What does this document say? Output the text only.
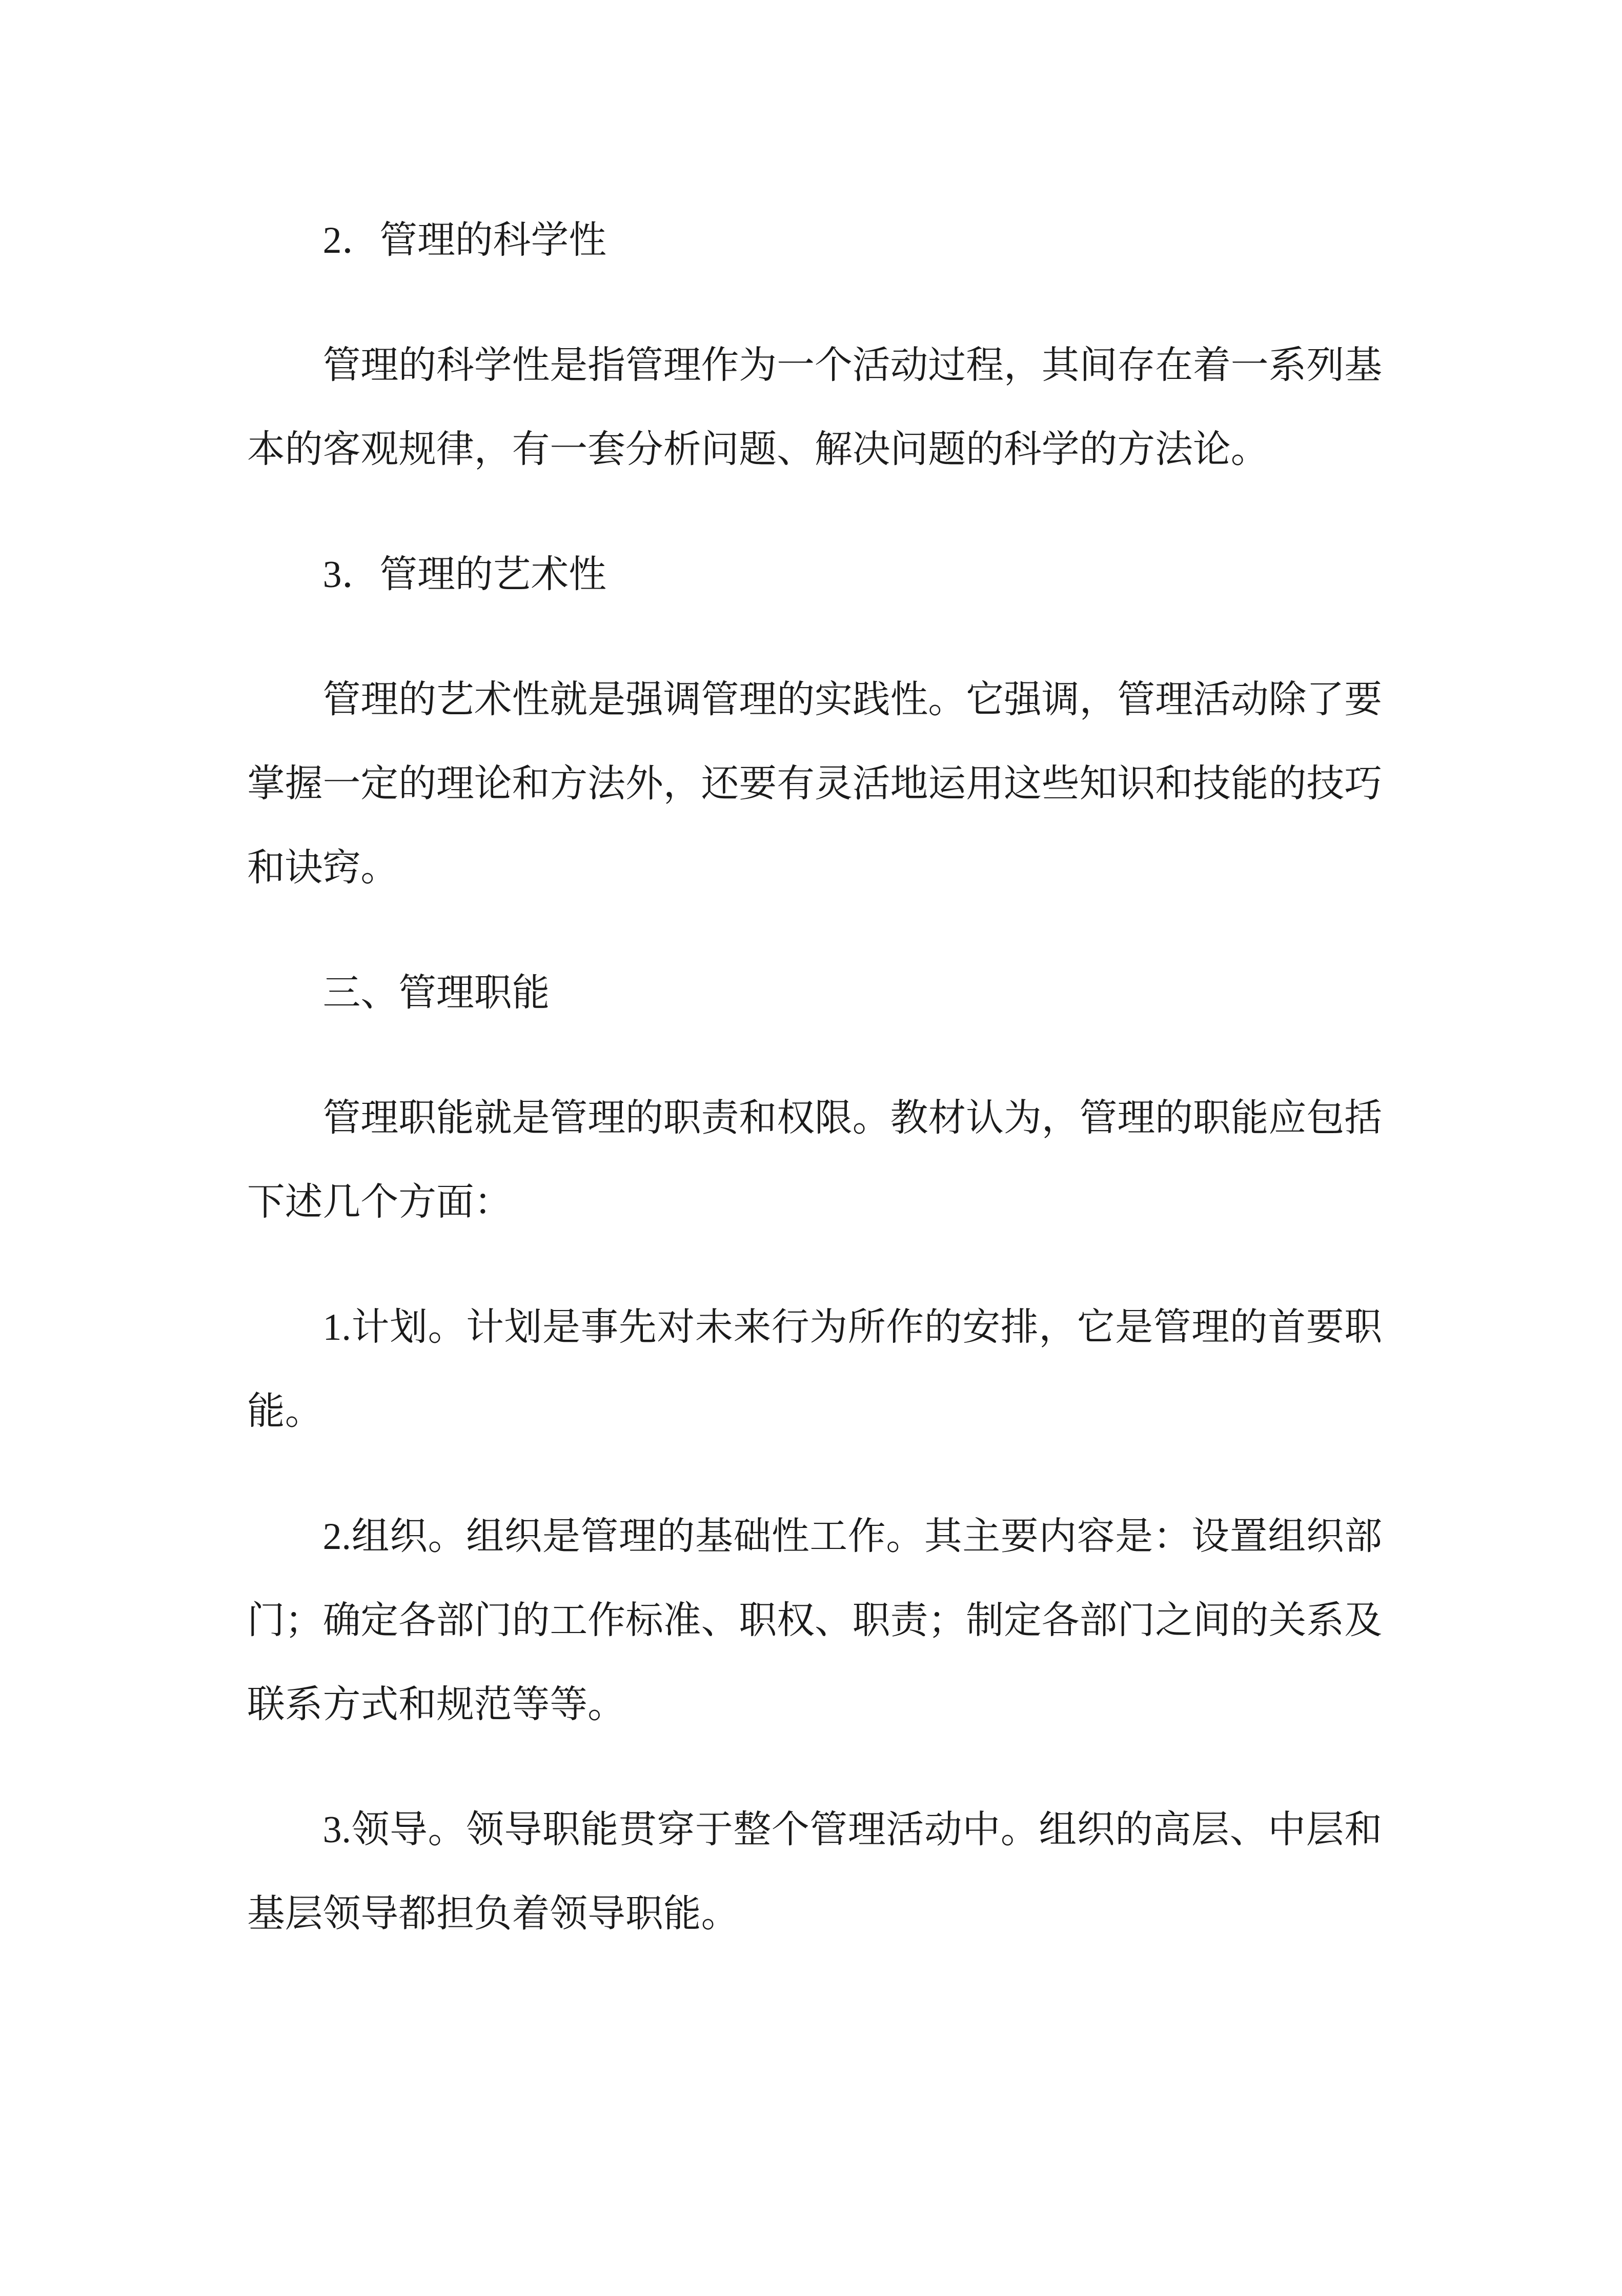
2．管理的科学性

管理的科学性是指管理作为一个活动过程，其间存在着一系列基本的客观规律，有一套分析问题、解决问题的科学的方法论。

3．管理的艺术性

管理的艺术性就是强调管理的实践性。它强调，管理活动除了要掌握一定的理论和方法外，还要有灵活地运用这些知识和技能的技巧和诀窍。

三、管理职能

管理职能就是管理的职责和权限。教材认为，管理的职能应包括下述几个方面：

1.计划。计划是事先对未来行为所作的安排，它是管理的首要职能。

2.组织。组织是管理的基础性工作。其主要内容是：设置组织部门；确定各部门的工作标准、职权、职责；制定各部门之间的关系及联系方式和规范等等。

3.领导。领导职能贯穿于整个管理活动中。组织的高层、中层和基层领导都担负着领导职能。
